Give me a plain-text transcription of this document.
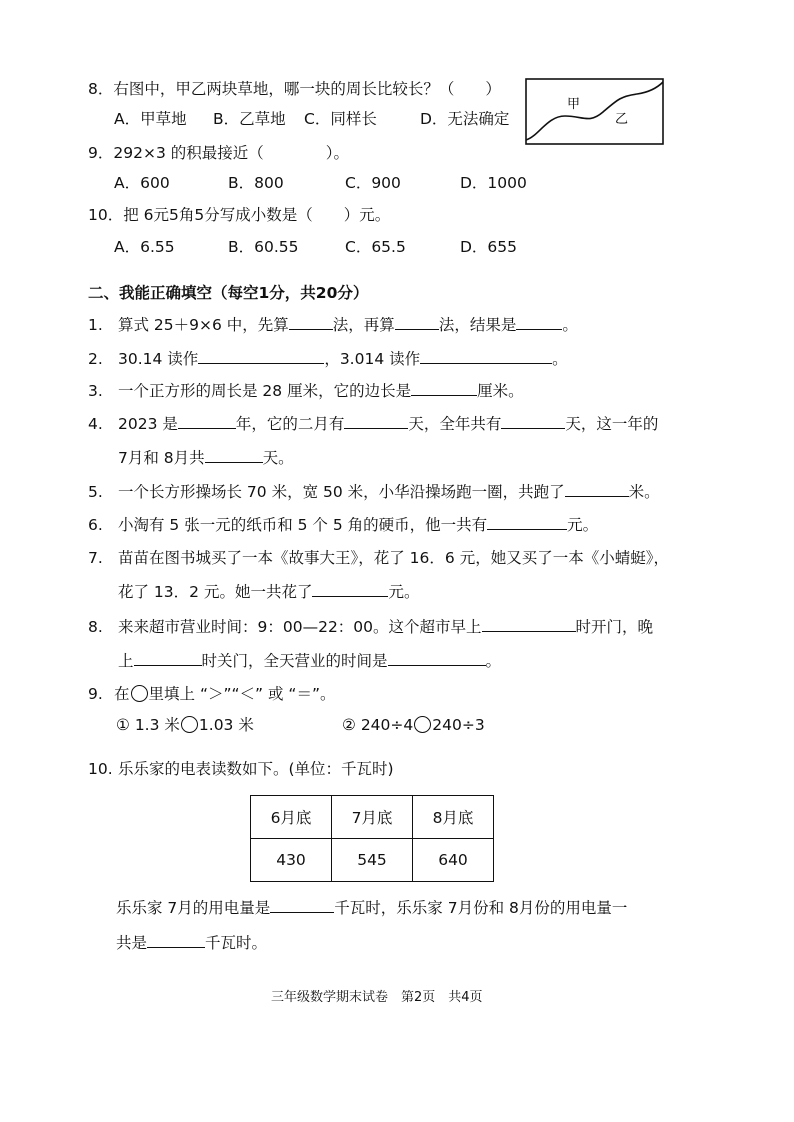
8．右图中，甲乙两块草地，哪一块的周长比较长？（　　）
A．甲草地 B．乙草地 C．同样长	D．无法确定
甲
乙
9．292×3 的积最接近（　　　　）。
A．600	B．800	C．900	D．1000
10．把 6元5角5分写成小数是（　　）元。
A．6.55	B．60.55	C．65.5	D．655
二、我能正确填空（每空1分，共20分）
1. 算式 25＋9×6 中，先算	法，再算	法，结果是	。
2. 30.14 读作	，3.014 读作	。
3. 一个正方形的周长是 28 厘米，它的边长是	厘米。
4. 2023 是	年，它的二月有	天，全年共有	天，这一年的
7月和 8月共	天。
5. 一个长方形操场长 70 米，宽 50 米，小华沿操场跑一圈，共跑了	米。
6. 小淘有 5 张一元的纸币和 5 个 5 角的硬币，他一共有	元。
7. 苗苗在图书城买了一本《故事大王》，花了 16．6 元，她又买了一本《小蜻蜓》，
花了 13．2 元。她一共花了	元。
8. 来来超市营业时间：9：00—22：00。这个超市早上	时开门，晚
上	时关门，全天营业的时间是	。
9. 在 里填上 “＞”“＜” 或 “＝”。
① 1.3 米 1.03 米	② 240÷4 240÷3
10. 乐乐家的电表读数如下。(单位：千瓦时)
6月底	7月底	8月底
430	545	640
乐乐家 7月的用电量是	千瓦时，乐乐家 7月份和 8月份的用电量一
共是	千瓦时。
三年级数学期末试卷　第2页　共4页
